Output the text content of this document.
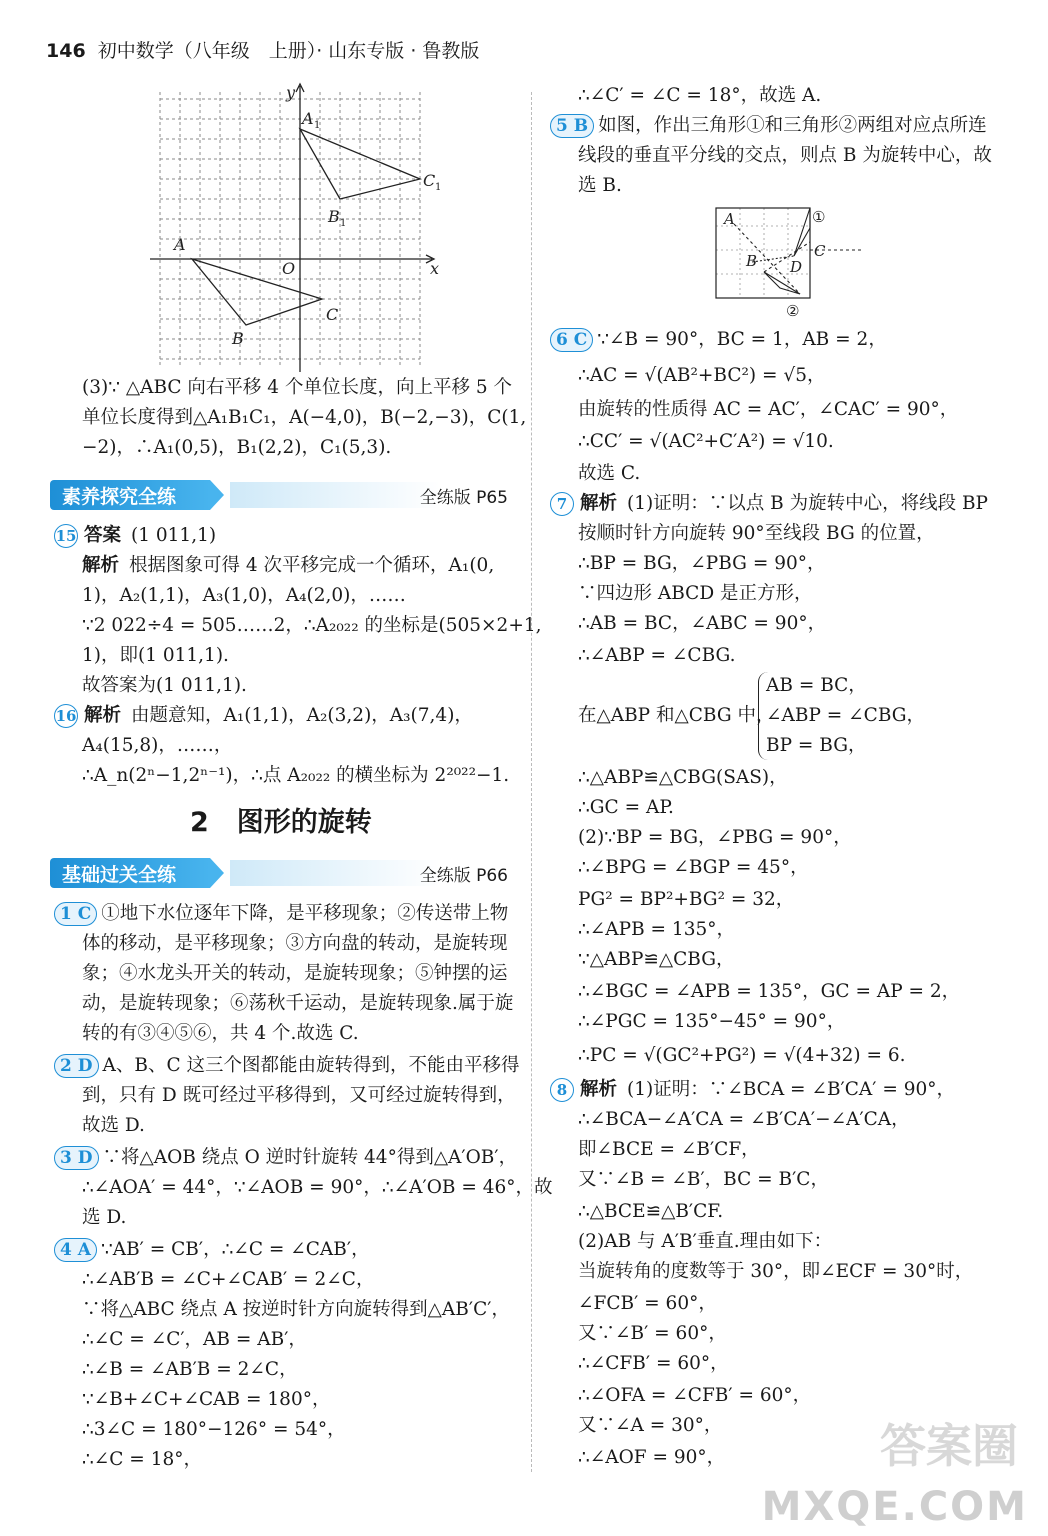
146 初中数学（八年级　上册）· 山东专版 · 鲁教版
y
x
O
A 1
C 1
B 1
A
C
B
(3)∵ △ABC 向右平移 4 个单位长度，向上平移 5 个
单位长度得到△A₁B₁C₁，A(−4,0)，B(−2,−3)，C(1,
−2)，∴A₁(0,5)，B₁(2,2)，C₁(5,3).
素养探究全练	全练版 P65
15 答案 (1 011,1)
解析 根据图象可得 4 次平移完成一个循环，A₁(0,
1)，A₂(1,1)，A₃(1,0)，A₄(2,0)，……
∵2 022÷4 = 505……2，∴A₂₀₂₂ 的坐标是(505×2+1,
1)，即(1 011,1).
故答案为(1 011,1).
16 解析 由题意知，A₁(1,1)，A₂(3,2)，A₃(7,4)，
A₄(15,8)，……，
∴A_n(2ⁿ−1,2ⁿ⁻¹)，∴点 A₂₀₂₂ 的横坐标为 2²⁰²²−1.
2 图形的旋转
基础过关全练	全练版 P66
1 C ①地下水位逐年下降，是平移现象；②传送带上物
体的移动，是平移现象；③方向盘的转动，是旋转现
象；④水龙头开关的转动，是旋转现象；⑤钟摆的运
动，是旋转现象；⑥荡秋千运动，是旋转现象.属于旋
转的有③④⑤⑥，共 4 个.故选 C.
2 D A、B、C 这三个图都能由旋转得到，不能由平移得
到，只有 D 既可经过平移得到，又可经过旋转得到，
故选 D.
3 D ∵将△AOB 绕点 O 逆时针旋转 44°得到△A′OB′，
∴∠AOA′ = 44°，∵∠AOB = 90°，∴∠A′OB = 46°，故
选 D.
4 A ∵AB′ = CB′，∴∠C = ∠CAB′，
∴∠AB′B = ∠C+∠CAB′ = 2∠C，
∵将△ABC 绕点 A 按逆时针方向旋转得到△AB′C′，
∴∠C = ∠C′，AB = AB′，
∴∠B = ∠AB′B = 2∠C，
∵∠B+∠C+∠CAB = 180°，
∴3∠C = 180°−126° = 54°，
∴∠C = 18°，
∴∠C′ = ∠C = 18°，故选 A.
5 B 如图，作出三角形①和三角形②两组对应点所连
线段的垂直平分线的交点，则点 B 为旋转中心，故
选 B.
A
B
C
D
①
②
6 C ∵∠B = 90°，BC = 1，AB = 2，
∴AC = √(AB²+BC²) = √5，
由旋转的性质得 AC = AC′，∠CAC′ = 90°，
∴CC′ = √(AC²+C′A²) = √10.
故选 C.
7 解析 (1)证明：∵以点 B 为旋转中心，将线段 BP
按顺时针方向旋转 90°至线段 BG 的位置，
∴BP = BG，∠PBG = 90°，
∵四边形 ABCD 是正方形，
∴AB = BC，∠ABC = 90°，
∴∠ABP = ∠CBG.
在△ABP 和△CBG 中，
AB = BC，
∠ABP = ∠CBG，
BP = BG，
∴△ABP≌△CBG(SAS)，
∴GC = AP.
(2)∵BP = BG，∠PBG = 90°，
∴∠BPG = ∠BGP = 45°，
PG² = BP²+BG² = 32，
∴∠APB = 135°，
∵△ABP≌△CBG，
∴∠BGC = ∠APB = 135°，GC = AP = 2，
∴∠PGC = 135°−45° = 90°，
∴PC = √(GC²+PG²) = √(4+32) = 6.
8 解析 (1)证明：∵∠BCA = ∠B′CA′ = 90°，
∴∠BCA−∠A′CA = ∠B′CA′−∠A′CA，
即∠BCE = ∠B′CF，
又∵∠B = ∠B′，BC = B′C，
∴△BCE≌△B′CF.
(2)AB 与 A′B′垂直.理由如下：
当旋转角的度数等于 30°，即∠ECF = 30°时，
∠FCB′ = 60°，
又∵∠B′ = 60°，
∴∠CFB′ = 60°，
∴∠OFA = ∠CFB′ = 60°，
又∵∠A = 30°，
∴∠AOF = 90°，	答案圈
MXQE.COM
